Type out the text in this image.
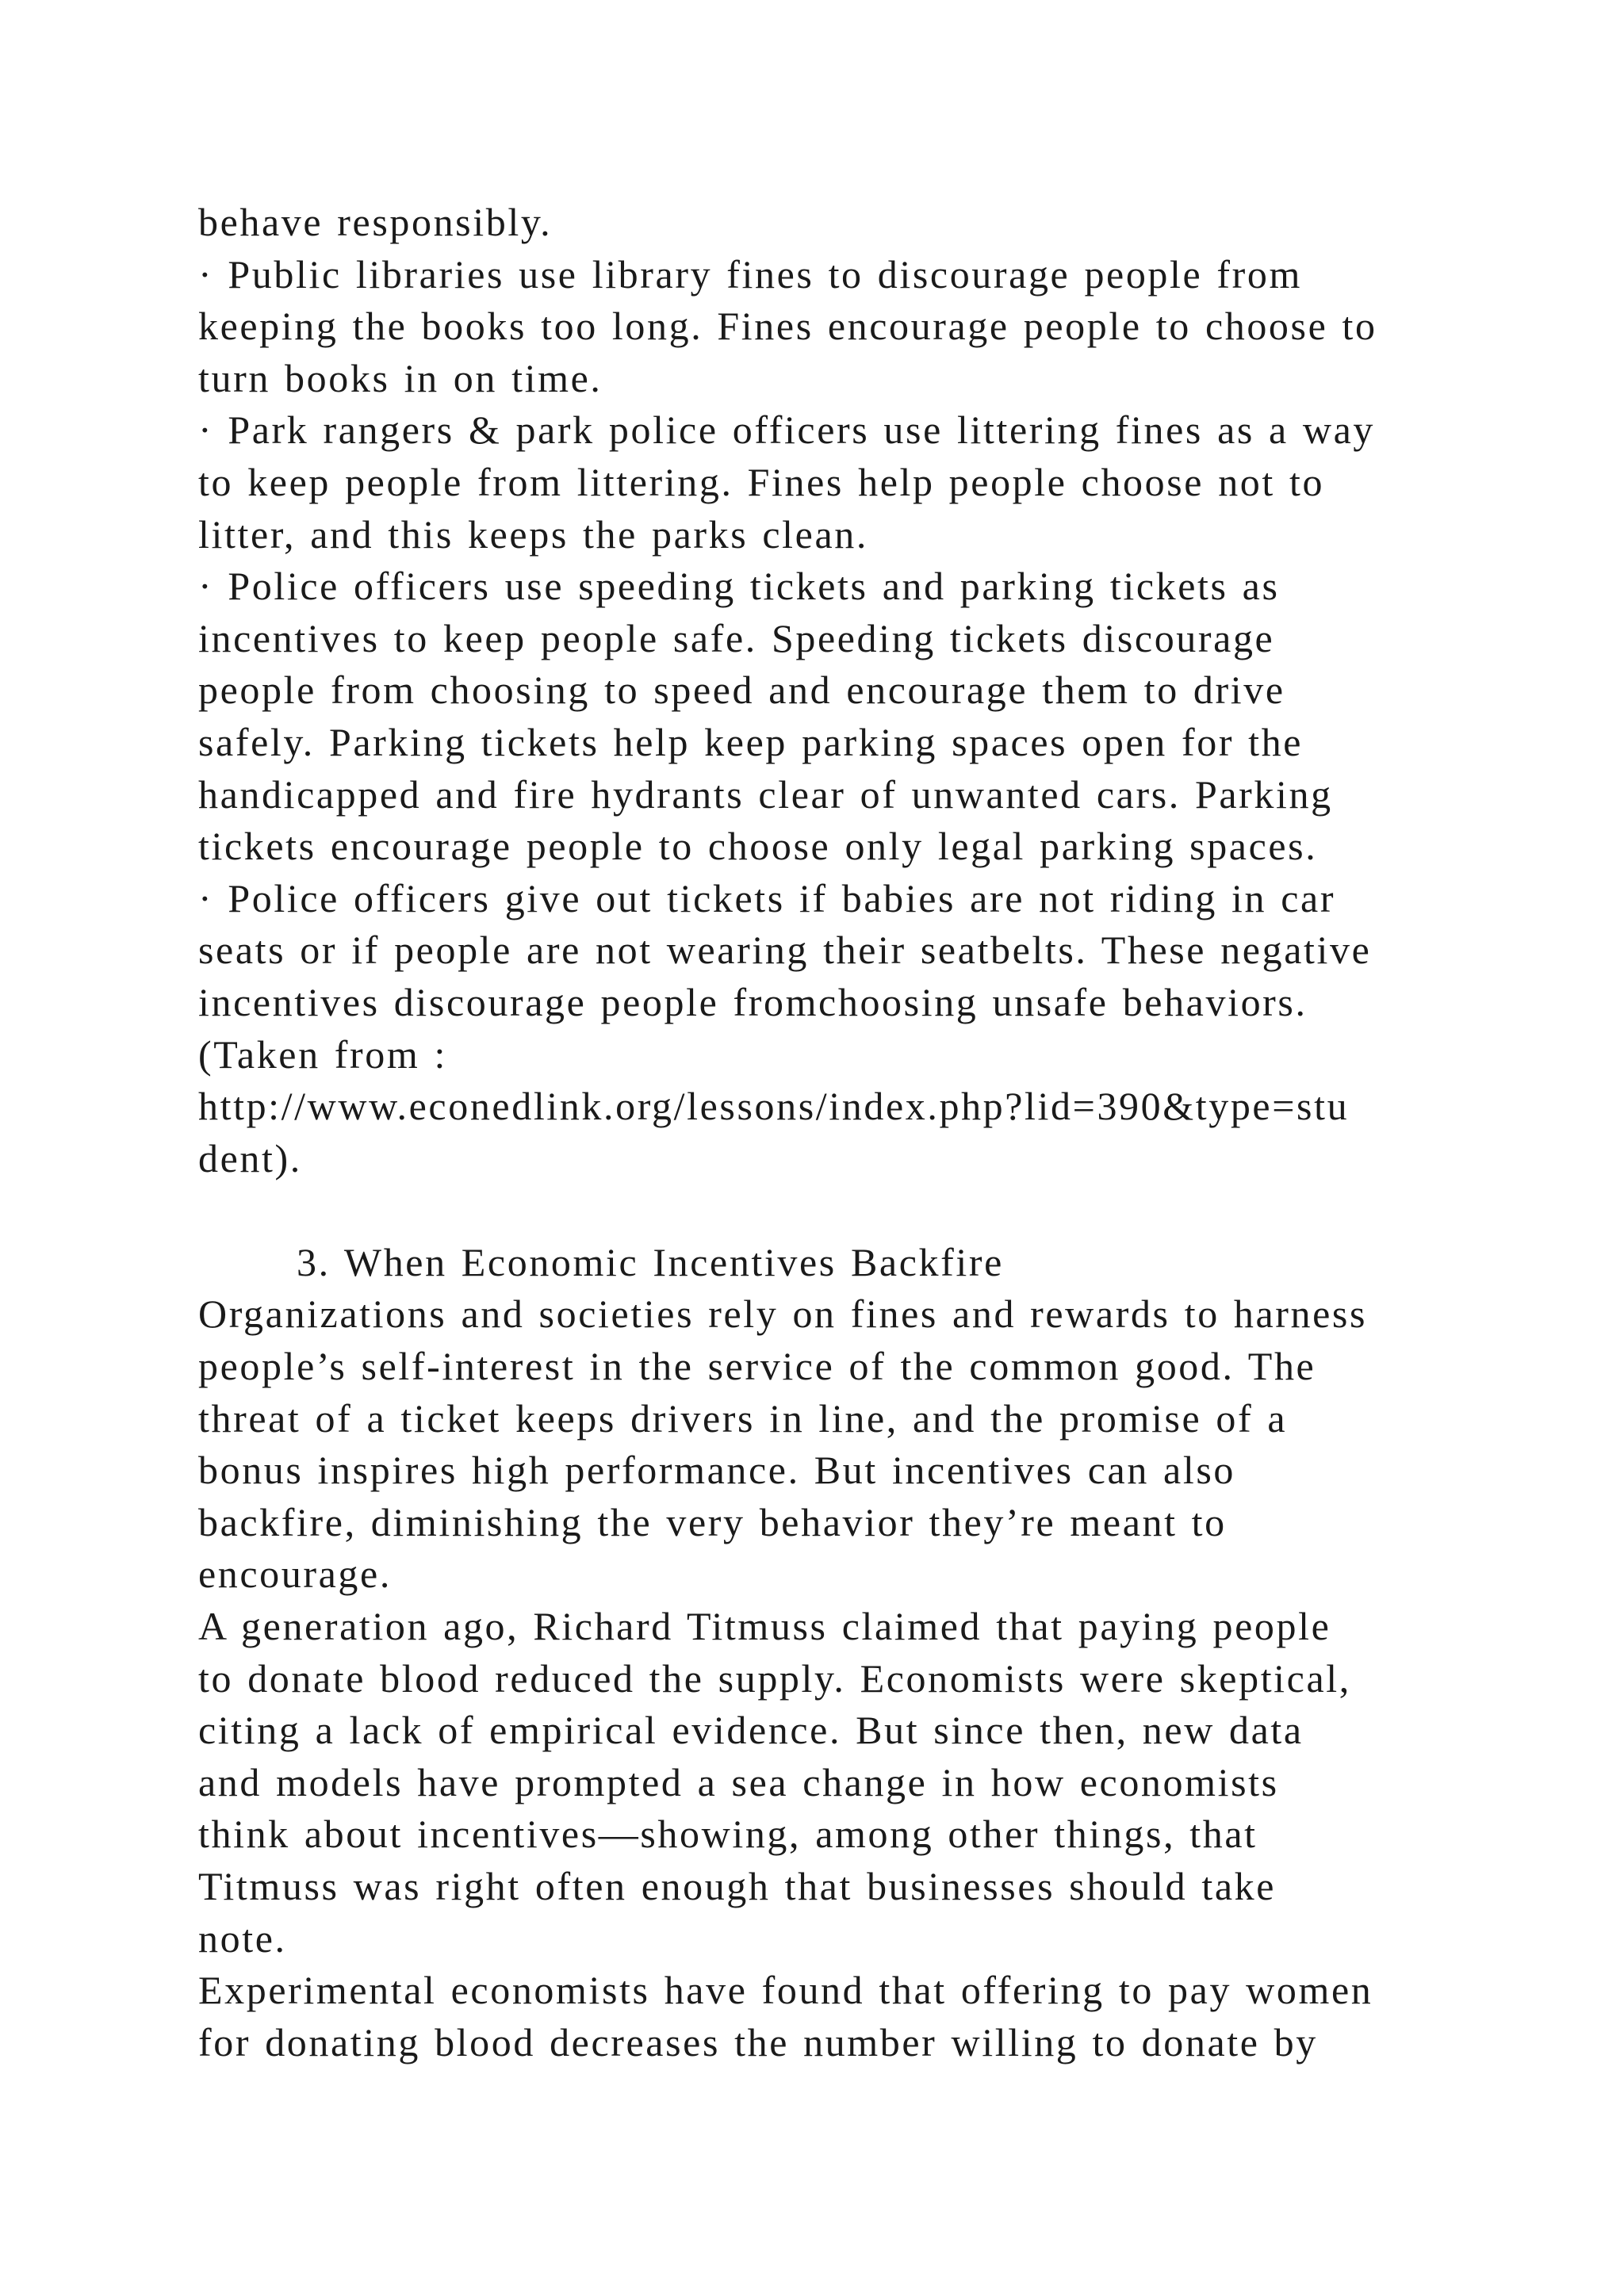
behave responsibly.
· Public libraries use library fines to discourage people from
keeping the books too long. Fines encourage people to choose to
turn books in on time.
· Park rangers & park police officers use littering fines as a way
to keep people from littering. Fines help people choose not to
litter, and this keeps the parks clean.
· Police officers use speeding tickets and parking tickets as
incentives to keep people safe. Speeding tickets discourage
people from choosing to speed and encourage them to drive
safely. Parking tickets help keep parking spaces open for the
handicapped and fire hydrants clear of unwanted cars. Parking
tickets encourage people to choose only legal parking spaces.
· Police officers give out tickets if babies are not riding in car
seats or if people are not wearing their seatbelts. These negative
incentives discourage people fromchoosing unsafe behaviors.
(Taken from :
http://www.econedlink.org/lessons/index.php?lid=390&type=stu
dent).
3. When Economic Incentives Backfire
Organizations and societies rely on fines and rewards to harness
people’s self-interest in the service of the common good. The
threat of a ticket keeps drivers in line, and the promise of a
bonus inspires high performance. But incentives can also
backfire, diminishing the very behavior they’re meant to
encourage.
A generation ago, Richard Titmuss claimed that paying people
to donate blood reduced the supply. Economists were skeptical,
citing a lack of empirical evidence. But since then, new data
and models have prompted a sea change in how economists
think about incentives—showing, among other things, that
Titmuss was right often enough that businesses should take
note.
Experimental economists have found that offering to pay women
for donating blood decreases the number willing to donate by
